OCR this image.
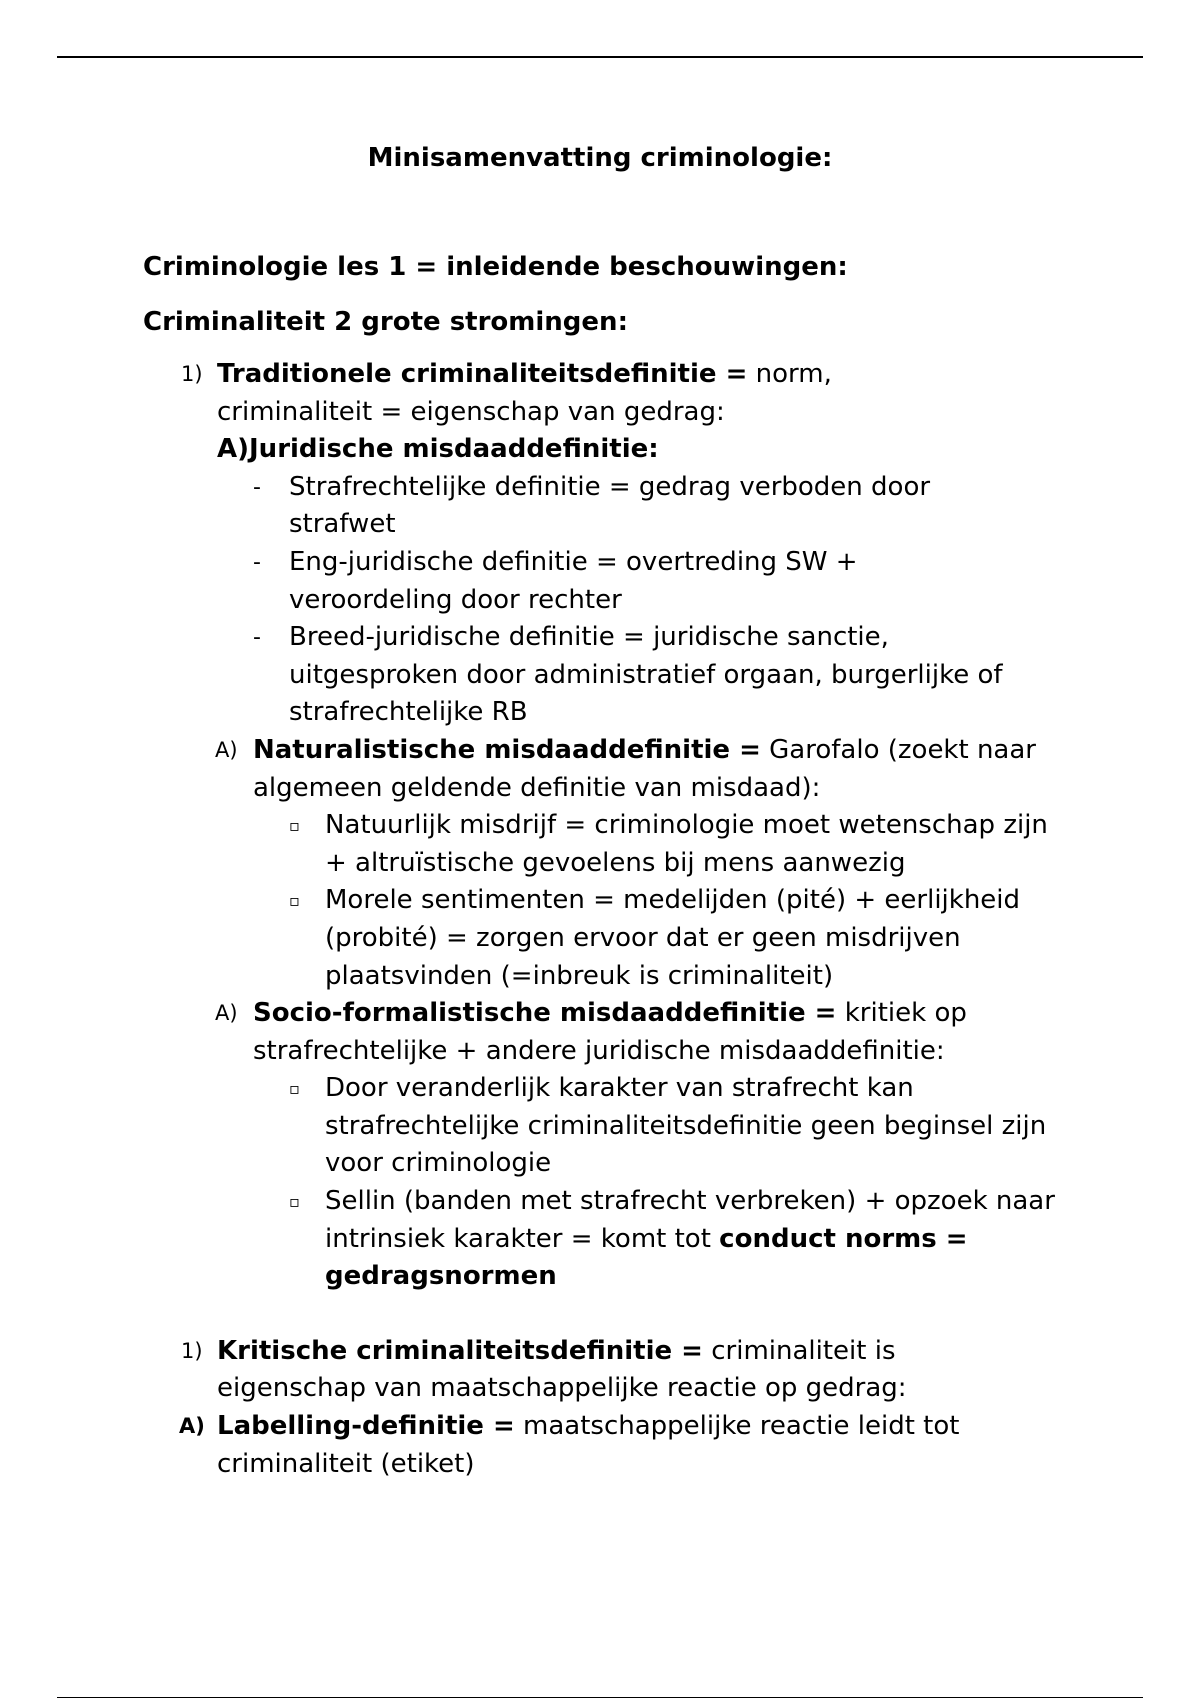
Minisamenvatting criminologie:
Criminologie les 1 = inleidende beschouwingen:
Criminaliteit 2 grote stromingen:
1) Traditionele criminaliteitsdefinitie = norm, criminaliteit = eigenschap van gedrag:
A)Juridische misdaaddefinitie:
- Strafrechtelijke definitie = gedrag verboden door strafwet
- Eng-juridische definitie = overtreding SW + veroordeling door rechter
- Breed-juridische definitie = juridische sanctie, uitgesproken door administratief orgaan, burgerlijke of strafrechtelijke RB
A) Naturalistische misdaaddefinitie = Garofalo (zoekt naar algemeen geldende definitie van misdaad):
▫ Natuurlijk misdrijf = criminologie moet wetenschap zijn + altruïstische gevoelens bij mens aanwezig
▫ Morele sentimenten = medelijden (pité) + eerlijkheid (probité) = zorgen ervoor dat er geen misdrijven plaatsvinden (=inbreuk is criminaliteit)
A) Socio-formalistische misdaaddefinitie = kritiek op strafrechtelijke + andere juridische misdaaddefinitie:
▫ Door veranderlijk karakter van strafrecht kan strafrechtelijke criminaliteitsdefinitie geen beginsel zijn voor criminologie
▫ Sellin (banden met strafrecht verbreken) + opzoek naar intrinsiek karakter = komt tot conduct norms = gedragsnormen
1) Kritische criminaliteitsdefinitie = criminaliteit is eigenschap van maatschappelijke reactie op gedrag:
A) Labelling-definitie = maatschappelijke reactie leidt tot criminaliteit (etiket)
